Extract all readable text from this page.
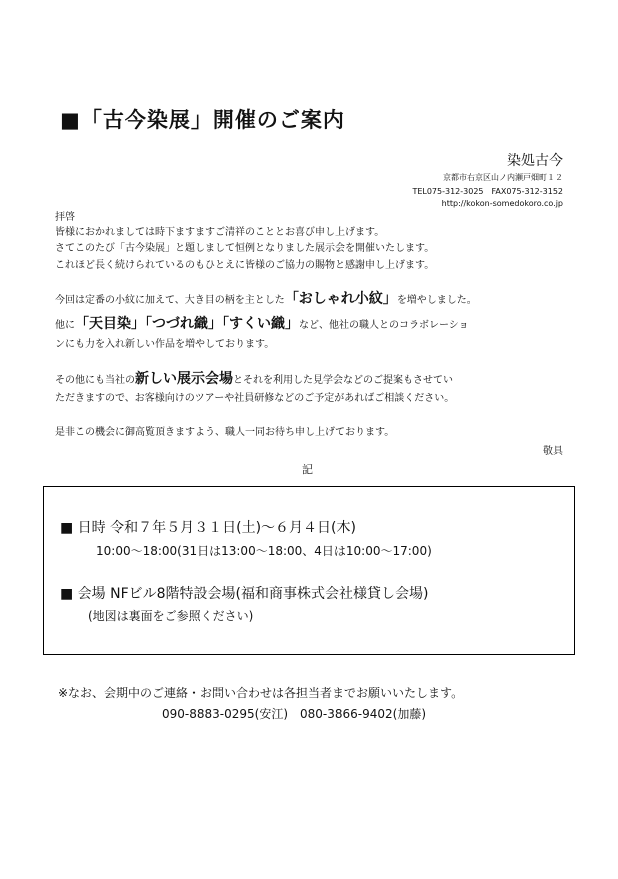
■「古今染展」開催のご案内
染処古今
京都市右京区山ノ内瀬戸畑町１２
TEL075-312-3025　FAX075-312-3152
http://kokon-somedokoro.co.jp
拝啓
皆様におかれましては時下ますますご清祥のこととお喜び申し上げます。
さてこのたび「古今染展」と題しまして恒例となりました展示会を開催いたします。
これほど長く続けられているのもひとえに皆様のご協力の賜物と感謝申し上げます。
今回は定番の小紋に加えて、大き目の柄を主とした「おしゃれ小紋」を増やしました。
他に「天目染」「つづれ織」「すくい織」など、他社の職人とのコラボレーショ
ンにも力を入れ新しい作品を増やしております。
その他にも当社の新しい展示会場とそれを利用した見学会などのご提案もさせてい
ただきますので、お客様向けのツアーや社員研修などのご予定があればご相談ください。
是非この機会に御高覧頂きますよう、職人一同お待ち申し上げております。
敬具
記
■ 日時 令和７年５月３１日(土)〜６月４日(木)
10:00〜18:00(31日は13:00〜18:00、4日は10:00〜17:00)
■ 会場 NFビル8階特設会場(福和商事株式会社様貸し会場)
(地図は裏面をご参照ください)
※なお、会期中のご連絡・お問い合わせは各担当者までお願いいたします。
090-8883-0295(安江)　080-3866-9402(加藤)
